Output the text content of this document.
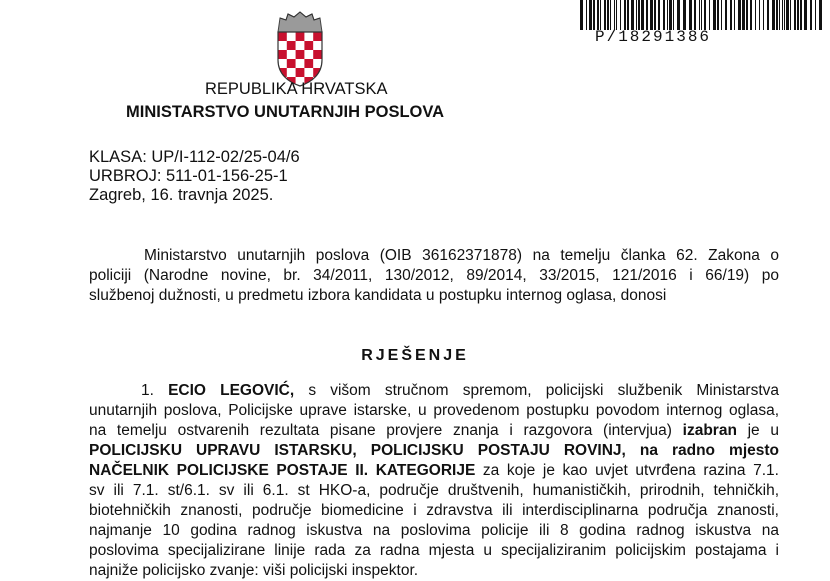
P/18291386
REPUBLIKA HRVATSKA
MINISTARSTVO UNUTARNJIH POSLOVA
KLASA: UP/I-112-02/25-04/6
URBROJ: 511-01-156-25-1
Zagreb, 16. travnja 2025.
Ministarstvo unutarnjih poslova (OIB 36162371878) na temelju članka 62. Zakona o
policiji (Narodne novine, br. 34/2011, 130/2012, 89/2014, 33/2015, 121/2016 i 66/19) po
službenoj dužnosti, u predmetu izbora kandidata u postupku internog oglasa, donosi
RJEŠENJE
1. ECIO LEGOVIĆ, s višom stručnom spremom, policijski službenik Ministarstva
unutarnjih poslova, Policijske uprave istarske, u provedenom postupku povodom internog oglasa,
na temelju ostvarenih rezultata pisane provjere znanja i razgovora (intervjua) izabran je u
POLICIJSKU UPRAVU ISTARSKU, POLICIJSKU POSTAJU ROVINJ, na radno mjesto
NAČELNIK POLICIJSKE POSTAJE II. KATEGORIJE za koje je kao uvjet utvrđena razina 7.1.
sv ili 7.1. st/6.1. sv ili 6.1. st HKO-a, područje društvenih, humanističkih, prirodnih, tehničkih,
biotehničkih znanosti, područje biomedicine i zdravstva ili interdisciplinarna područja znanosti,
najmanje 10 godina radnog iskustva na poslovima policije ili 8 godina radnog iskustva na
poslovima specijalizirane linije rada za radna mjesta u specijaliziranim policijskim postajama i
najniže policijsko zvanje: viši policijski inspektor.
